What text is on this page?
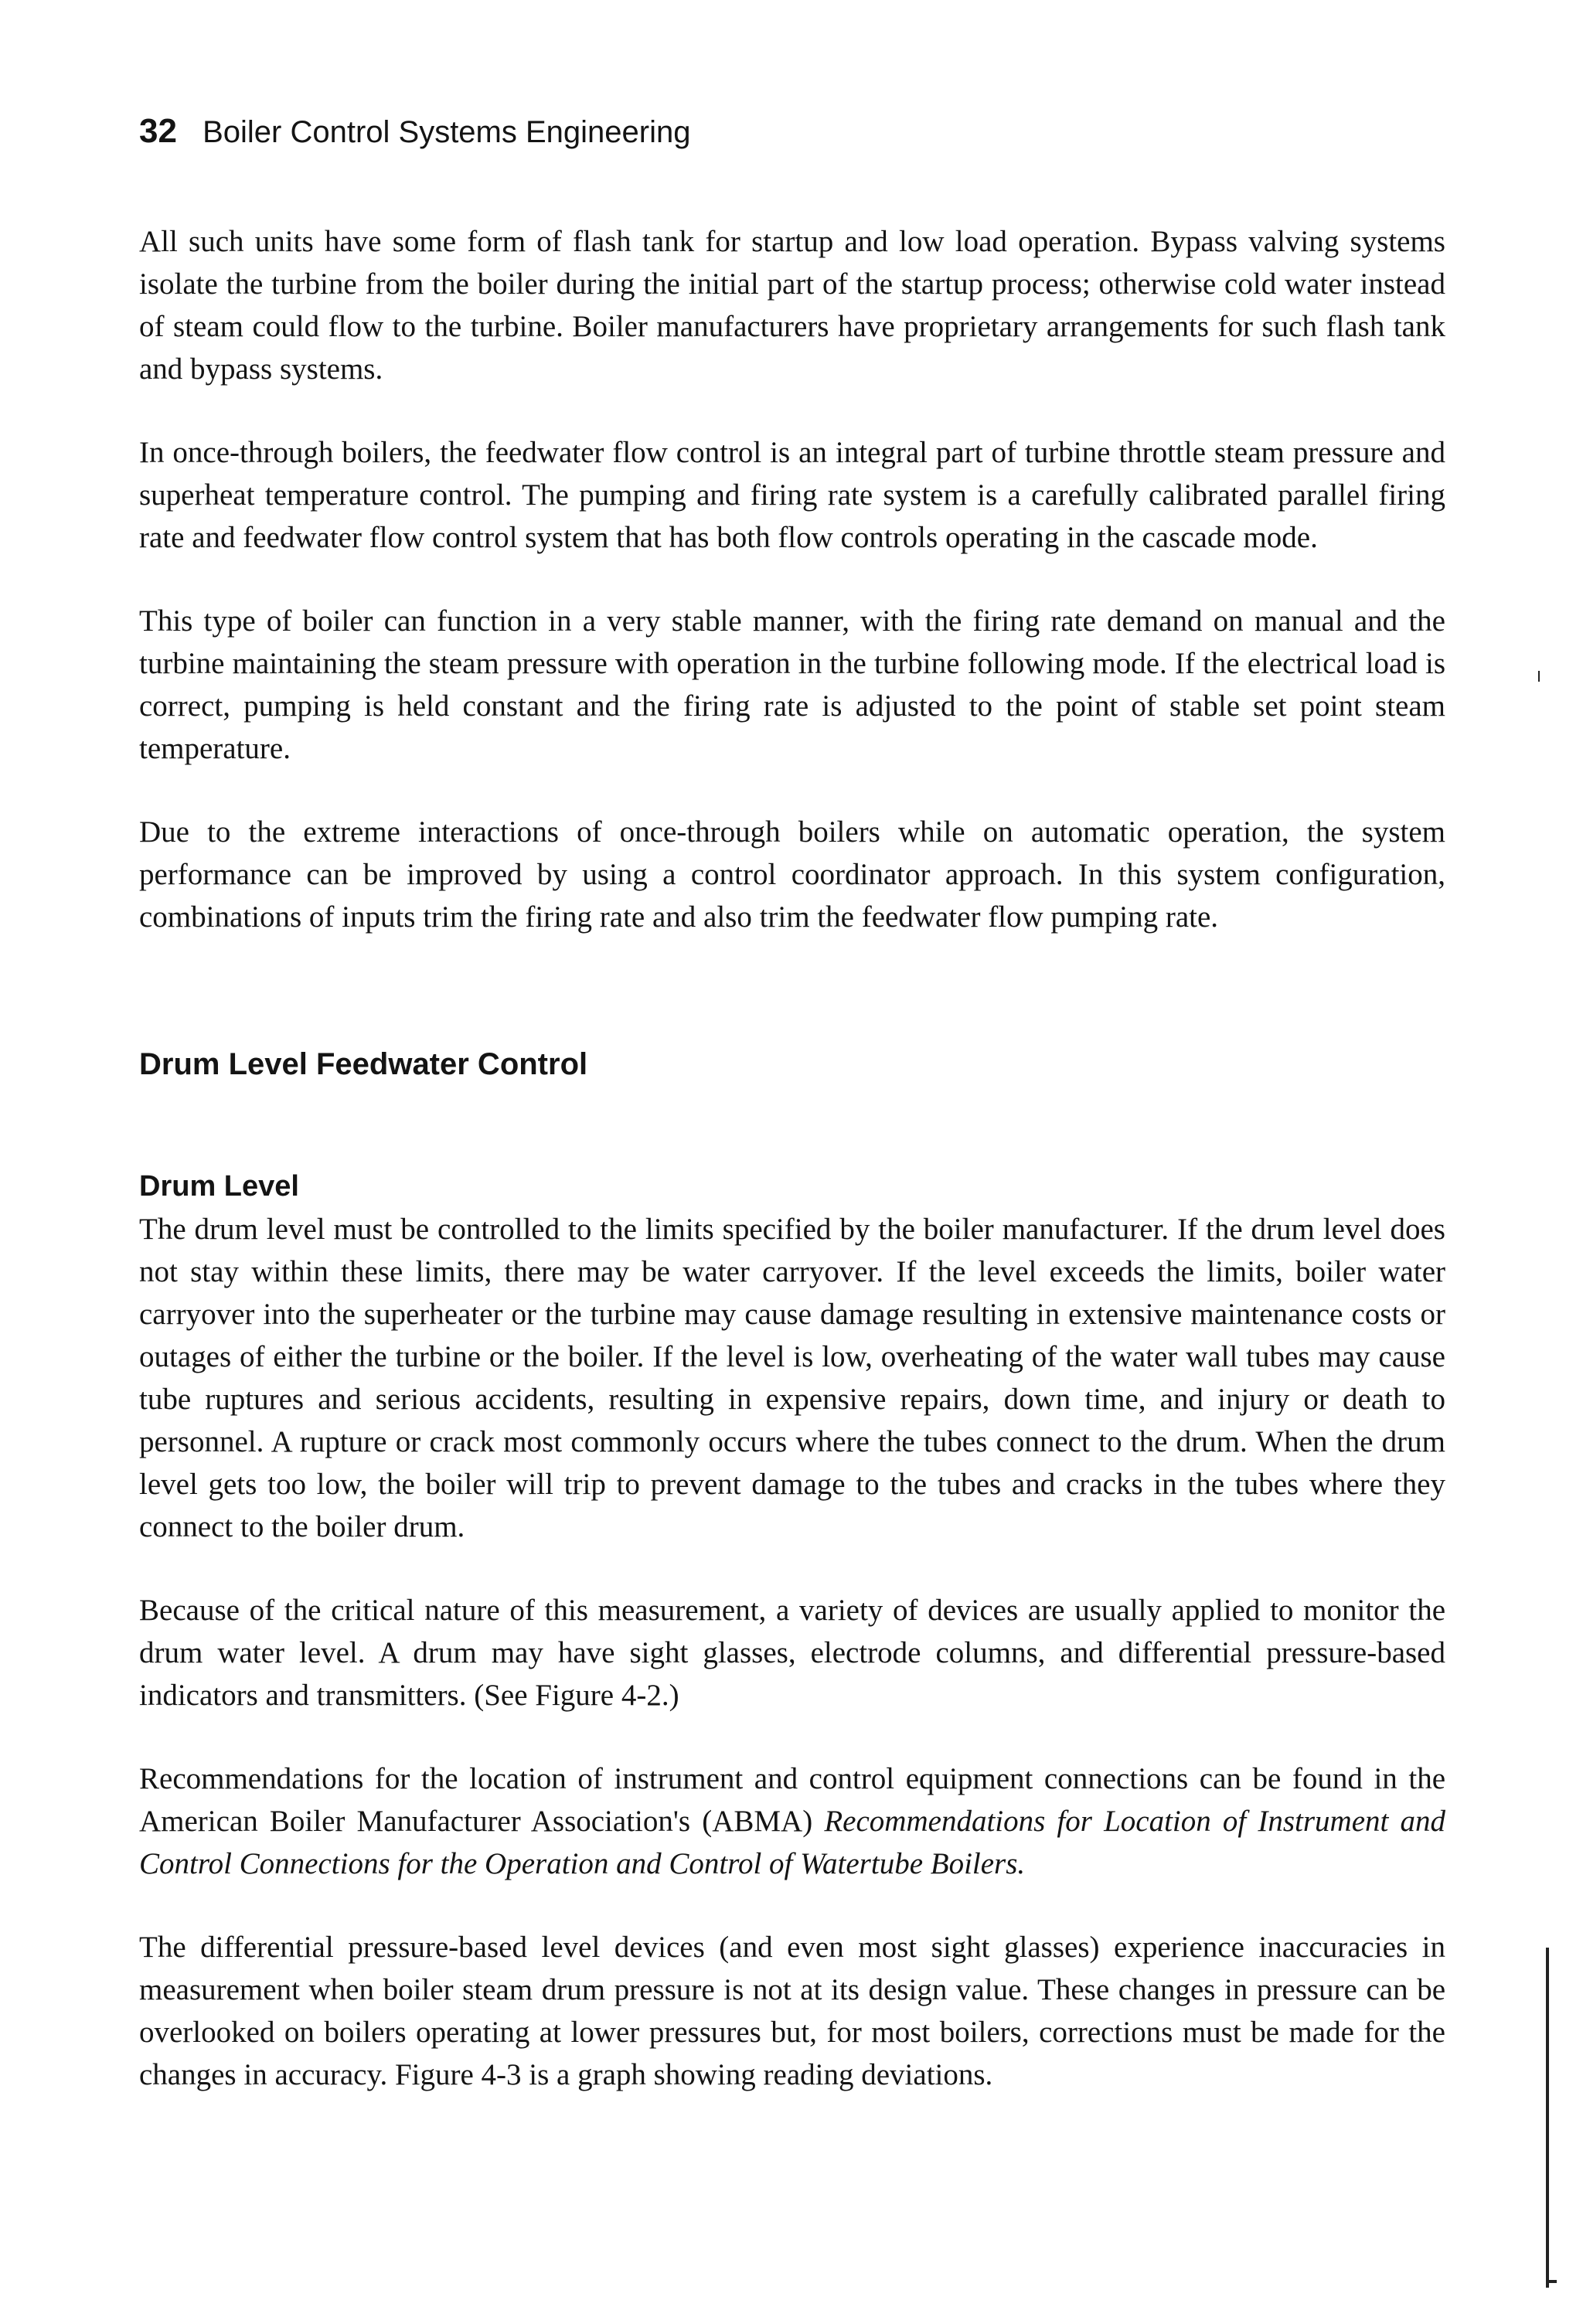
32 Boiler Control Systems Engineering

All such units have some form of flash tank for startup and low load operation. Bypass valving systems isolate the turbine from the boiler during the initial part of the startup process; otherwise cold water instead of steam could flow to the turbine. Boiler manufacturers have proprietary arrangements for such flash tank and bypass systems.

In once-through boilers, the feedwater flow control is an integral part of turbine throttle steam pressure and superheat temperature control. The pumping and firing rate system is a carefully calibrated parallel firing rate and feedwater flow control system that has both flow controls operating in the cascade mode.

This type of boiler can function in a very stable manner, with the firing rate demand on manual and the turbine maintaining the steam pressure with operation in the turbine following mode. If the electrical load is correct, pumping is held constant and the firing rate is adjusted to the point of stable set point steam temperature.

Due to the extreme interactions of once-through boilers while on automatic operation, the system performance can be improved by using a control coordinator approach. In this system configuration, combinations of inputs trim the firing rate and also trim the feedwater flow pumping rate.

Drum Level Feedwater Control
Drum Level

The drum level must be controlled to the limits specified by the boiler manufacturer. If the drum level does not stay within these limits, there may be water carryover. If the level exceeds the limits, boiler water carryover into the superheater or the turbine may cause damage resulting in extensive maintenance costs or outages of either the turbine or the boiler. If the level is low, overheating of the water wall tubes may cause tube ruptures and serious accidents, resulting in expensive repairs, down time, and injury or death to personnel. A rupture or crack most commonly occurs where the tubes connect to the drum. When the drum level gets too low, the boiler will trip to prevent damage to the tubes and cracks in the tubes where they connect to the boiler drum.

Because of the critical nature of this measurement, a variety of devices are usually applied to monitor the drum water level. A drum may have sight glasses, electrode columns, and differential pressure-based indicators and transmitters. (See Figure 4-2.)

Recommendations for the location of instrument and control equipment connections can be found in the American Boiler Manufacturer Association's (ABMA) Recommendations for Location of Instrument and Control Connections for the Operation and Control of Watertube Boilers.

The differential pressure-based level devices (and even most sight glasses) experience inaccuracies in measurement when boiler steam drum pressure is not at its design value. These changes in pressure can be overlooked on boilers operating at lower pressures but, for most boilers, corrections must be made for the changes in accuracy. Figure 4-3 is a graph showing reading deviations.
